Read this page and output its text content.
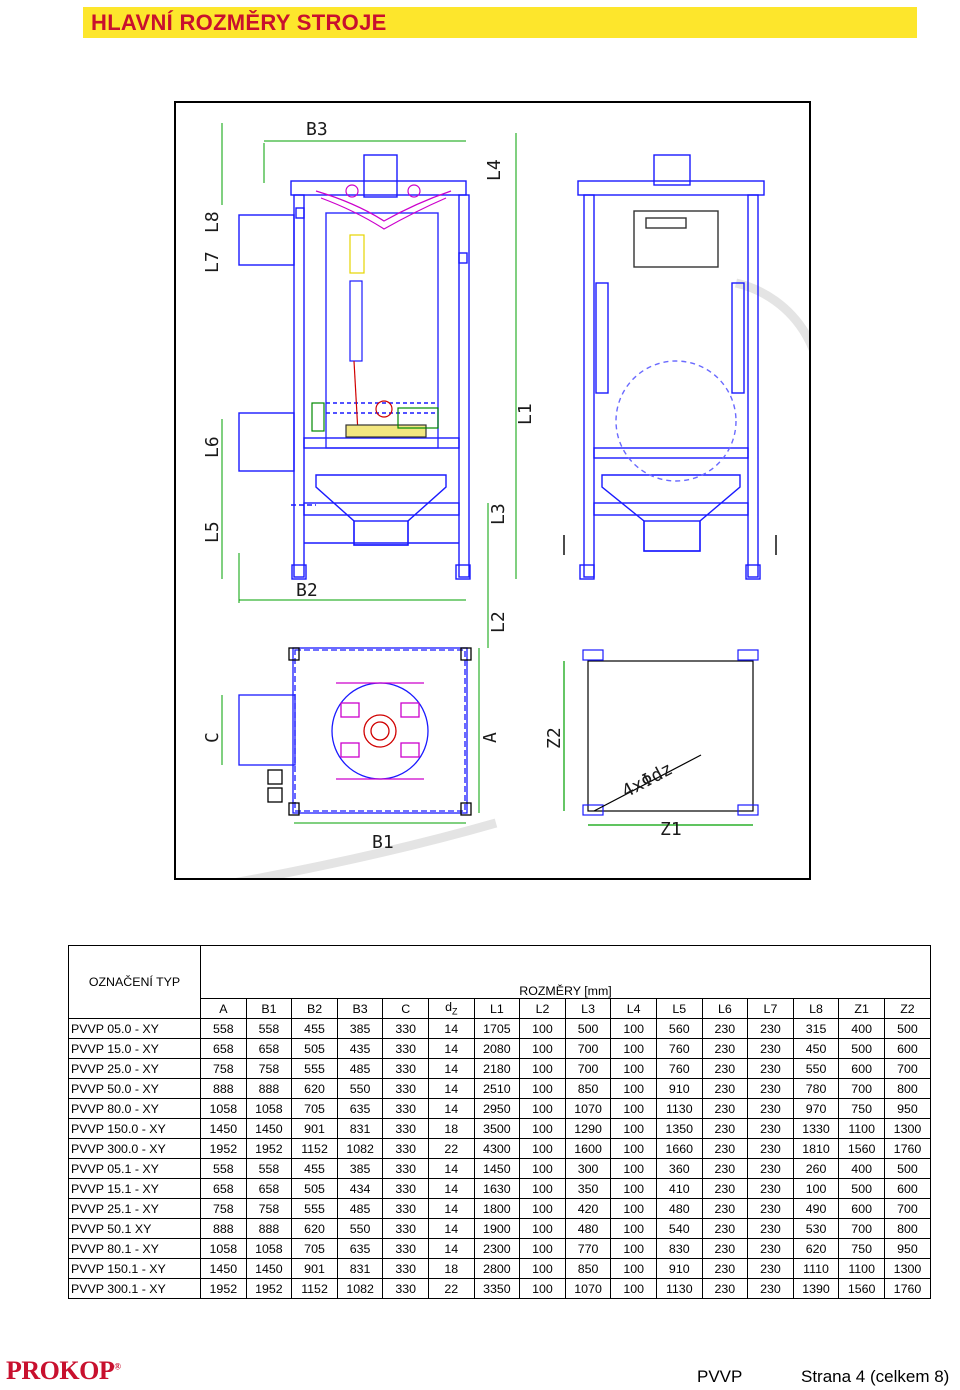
HLAVNÍ ROZMĚRY STROJE
B3
L7
L8
L4
L6
L5
L1
L3
L2
B2
C	A
B1
Z2
4xΦdz
Z1
OZNAČENÍ TYP	ROZMĚRY [mm]															
	A	B1	B2	B3	C	$d_Z$	L1	L2	L3	L4	L5	L6	L7	L8	Z1	Z2
PVVP 05.0 - XY	558	558	455	385	330	14	1705	100	500	100	560	230	230	315	400	500
PVVP 15.0 - XY	658	658	505	435	330	14	2080	100	700	100	760	230	230	450	500	600
PVVP 25.0 - XY	758	758	555	485	330	14	2180	100	700	100	760	230	230	550	600	700
PVVP 50.0 - XY	888	888	620	550	330	14	2510	100	850	100	910	230	230	780	700	800
PVVP 80.0 - XY	1058	1058	705	635	330	14	2950	100	1070	100	1130	230	230	970	750	950
PVVP 150.0 - XY	1450	1450	901	831	330	18	3500	100	1290	100	1350	230	230	1330	1100	1300
PVVP 300.0 - XY	1952	1952	1152	1082	330	22	4300	100	1600	100	1660	230	230	1810	1560	1760
PVVP 05.1 - XY	558	558	455	385	330	14	1450	100	300	100	360	230	230	260	400	500
PVVP 15.1 - XY	658	658	505	434	330	14	1630	100	350	100	410	230	230	100	500	600
PVVP 25.1 - XY	758	758	555	485	330	14	1800	100	420	100	480	230	230	490	600	700
PVVP 50.1 XY	888	888	620	550	330	14	1900	100	480	100	540	230	230	530	700	800
PVVP 80.1 - XY	1058	1058	705	635	330	14	2300	100	770	100	830	230	230	620	750	950
PVVP 150.1 - XY	1450	1450	901	831	330	18	2800	100	850	100	910	230	230	1110	1100	1300
PVVP 300.1 - XY	1952	1952	1152	1082	330	22	3350	100	1070	100	1130	230	230	1390	1560	1760
PROKOP®
PVVP	Strana 4 (celkem 8)
